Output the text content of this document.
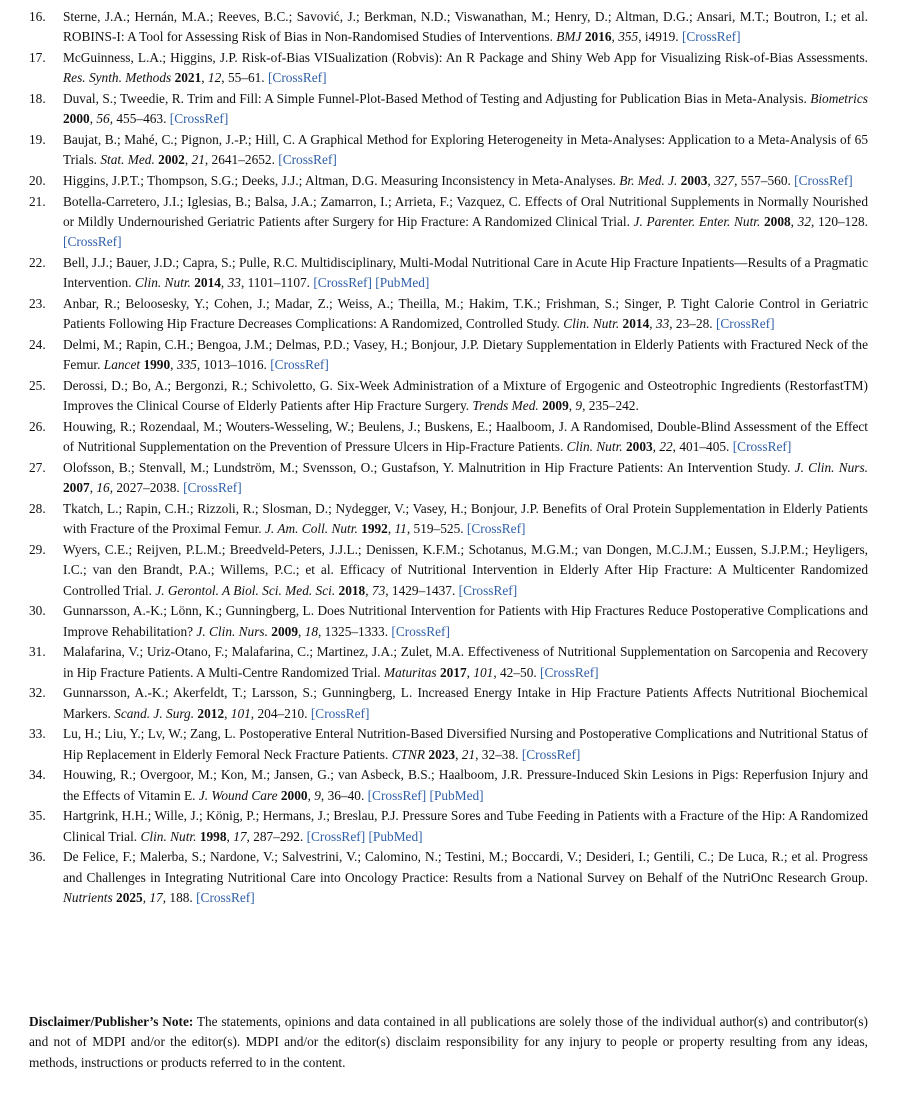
16.	Sterne, J.A.; Hernán, M.A.; Reeves, B.C.; Savović, J.; Berkman, N.D.; Viswanathan, M.; Henry, D.; Altman, D.G.; Ansari, M.T.; Boutron, I.; et al. ROBINS-I: A Tool for Assessing Risk of Bias in Non-Randomised Studies of Interventions. BMJ 2016, 355, i4919. [CrossRef]
17.	McGuinness, L.A.; Higgins, J.P. Risk-of-Bias VISualization (Robvis): An R Package and Shiny Web App for Visualizing Risk-of-Bias Assessments. Res. Synth. Methods 2021, 12, 55–61. [CrossRef]
18.	Duval, S.; Tweedie, R. Trim and Fill: A Simple Funnel-Plot-Based Method of Testing and Adjusting for Publication Bias in Meta-Analysis. Biometrics 2000, 56, 455–463. [CrossRef]
19.	Baujat, B.; Mahé, C.; Pignon, J.-P.; Hill, C. A Graphical Method for Exploring Heterogeneity in Meta-Analyses: Application to a Meta-Analysis of 65 Trials. Stat. Med. 2002, 21, 2641–2652. [CrossRef]
20.	Higgins, J.P.T.; Thompson, S.G.; Deeks, J.J.; Altman, D.G. Measuring Inconsistency in Meta-Analyses. Br. Med. J. 2003, 327, 557–560. [CrossRef]
21.	Botella-Carretero, J.I.; Iglesias, B.; Balsa, J.A.; Zamarron, I.; Arrieta, F.; Vazquez, C. Effects of Oral Nutritional Supplements in Normally Nourished or Mildly Undernourished Geriatric Patients after Surgery for Hip Fracture: A Randomized Clinical Trial. J. Parenter. Enter. Nutr. 2008, 32, 120–128. [CrossRef]
22.	Bell, J.J.; Bauer, J.D.; Capra, S.; Pulle, R.C. Multidisciplinary, Multi-Modal Nutritional Care in Acute Hip Fracture Inpatients—Results of a Pragmatic Intervention. Clin. Nutr. 2014, 33, 1101–1107. [CrossRef] [PubMed]
23.	Anbar, R.; Beloosesky, Y.; Cohen, J.; Madar, Z.; Weiss, A.; Theilla, M.; Hakim, T.K.; Frishman, S.; Singer, P. Tight Calorie Control in Geriatric Patients Following Hip Fracture Decreases Complications: A Randomized, Controlled Study. Clin. Nutr. 2014, 33, 23–28. [CrossRef]
24.	Delmi, M.; Rapin, C.H.; Bengoa, J.M.; Delmas, P.D.; Vasey, H.; Bonjour, J.P. Dietary Supplementation in Elderly Patients with Fractured Neck of the Femur. Lancet 1990, 335, 1013–1016. [CrossRef]
25.	Derossi, D.; Bo, A.; Bergonzi, R.; Schivoletto, G. Six-Week Administration of a Mixture of Ergogenic and Osteotrophic Ingredients (RestorfastTM) Improves the Clinical Course of Elderly Patients after Hip Fracture Surgery. Trends Med. 2009, 9, 235–242.
26.	Houwing, R.; Rozendaal, M.; Wouters-Wesseling, W.; Beulens, J.; Buskens, E.; Haalboom, J. A Randomised, Double-Blind Assessment of the Effect of Nutritional Supplementation on the Prevention of Pressure Ulcers in Hip-Fracture Patients. Clin. Nutr. 2003, 22, 401–405. [CrossRef]
27.	Olofsson, B.; Stenvall, M.; Lundström, M.; Svensson, O.; Gustafson, Y. Malnutrition in Hip Fracture Patients: An Intervention Study. J. Clin. Nurs. 2007, 16, 2027–2038. [CrossRef]
28.	Tkatch, L.; Rapin, C.H.; Rizzoli, R.; Slosman, D.; Nydegger, V.; Vasey, H.; Bonjour, J.P. Benefits of Oral Protein Supplementation in Elderly Patients with Fracture of the Proximal Femur. J. Am. Coll. Nutr. 1992, 11, 519–525. [CrossRef]
29.	Wyers, C.E.; Reijven, P.L.M.; Breedveld-Peters, J.J.L.; Denissen, K.F.M.; Schotanus, M.G.M.; van Dongen, M.C.J.M.; Eussen, S.J.P.M.; Heyligers, I.C.; van den Brandt, P.A.; Willems, P.C.; et al. Efficacy of Nutritional Intervention in Elderly After Hip Fracture: A Multicenter Randomized Controlled Trial. J. Gerontol. A Biol. Sci. Med. Sci. 2018, 73, 1429–1437. [CrossRef]
30.	Gunnarsson, A.-K.; Lönn, K.; Gunningberg, L. Does Nutritional Intervention for Patients with Hip Fractures Reduce Postoperative Complications and Improve Rehabilitation? J. Clin. Nurs. 2009, 18, 1325–1333. [CrossRef]
31.	Malafarina, V.; Uriz-Otano, F.; Malafarina, C.; Martinez, J.A.; Zulet, M.A. Effectiveness of Nutritional Supplementation on Sarcopenia and Recovery in Hip Fracture Patients. A Multi-Centre Randomized Trial. Maturitas 2017, 101, 42–50. [CrossRef]
32.	Gunnarsson, A.-K.; Akerfeldt, T.; Larsson, S.; Gunningberg, L. Increased Energy Intake in Hip Fracture Patients Affects Nutritional Biochemical Markers. Scand. J. Surg. 2012, 101, 204–210. [CrossRef]
33.	Lu, H.; Liu, Y.; Lv, W.; Zang, L. Postoperative Enteral Nutrition-Based Diversified Nursing and Postoperative Complications and Nutritional Status of Hip Replacement in Elderly Femoral Neck Fracture Patients. CTNR 2023, 21, 32–38. [CrossRef]
34.	Houwing, R.; Overgoor, M.; Kon, M.; Jansen, G.; van Asbeck, B.S.; Haalboom, J.R. Pressure-Induced Skin Lesions in Pigs: Reperfusion Injury and the Effects of Vitamin E. J. Wound Care 2000, 9, 36–40. [CrossRef] [PubMed]
35.	Hartgrink, H.H.; Wille, J.; König, P.; Hermans, J.; Breslau, P.J. Pressure Sores and Tube Feeding in Patients with a Fracture of the Hip: A Randomized Clinical Trial. Clin. Nutr. 1998, 17, 287–292. [CrossRef] [PubMed]
36.	De Felice, F.; Malerba, S.; Nardone, V.; Salvestrini, V.; Calomino, N.; Testini, M.; Boccardi, V.; Desideri, I.; Gentili, C.; De Luca, R.; et al. Progress and Challenges in Integrating Nutritional Care into Oncology Practice: Results from a National Survey on Behalf of the NutriOnc Research Group. Nutrients 2025, 17, 188. [CrossRef]

Disclaimer/Publisher’s Note: The statements, opinions and data contained in all publications are solely those of the individual author(s) and contributor(s) and not of MDPI and/or the editor(s). MDPI and/or the editor(s) disclaim responsibility for any injury to people or property resulting from any ideas, methods, instructions or products referred to in the content.
